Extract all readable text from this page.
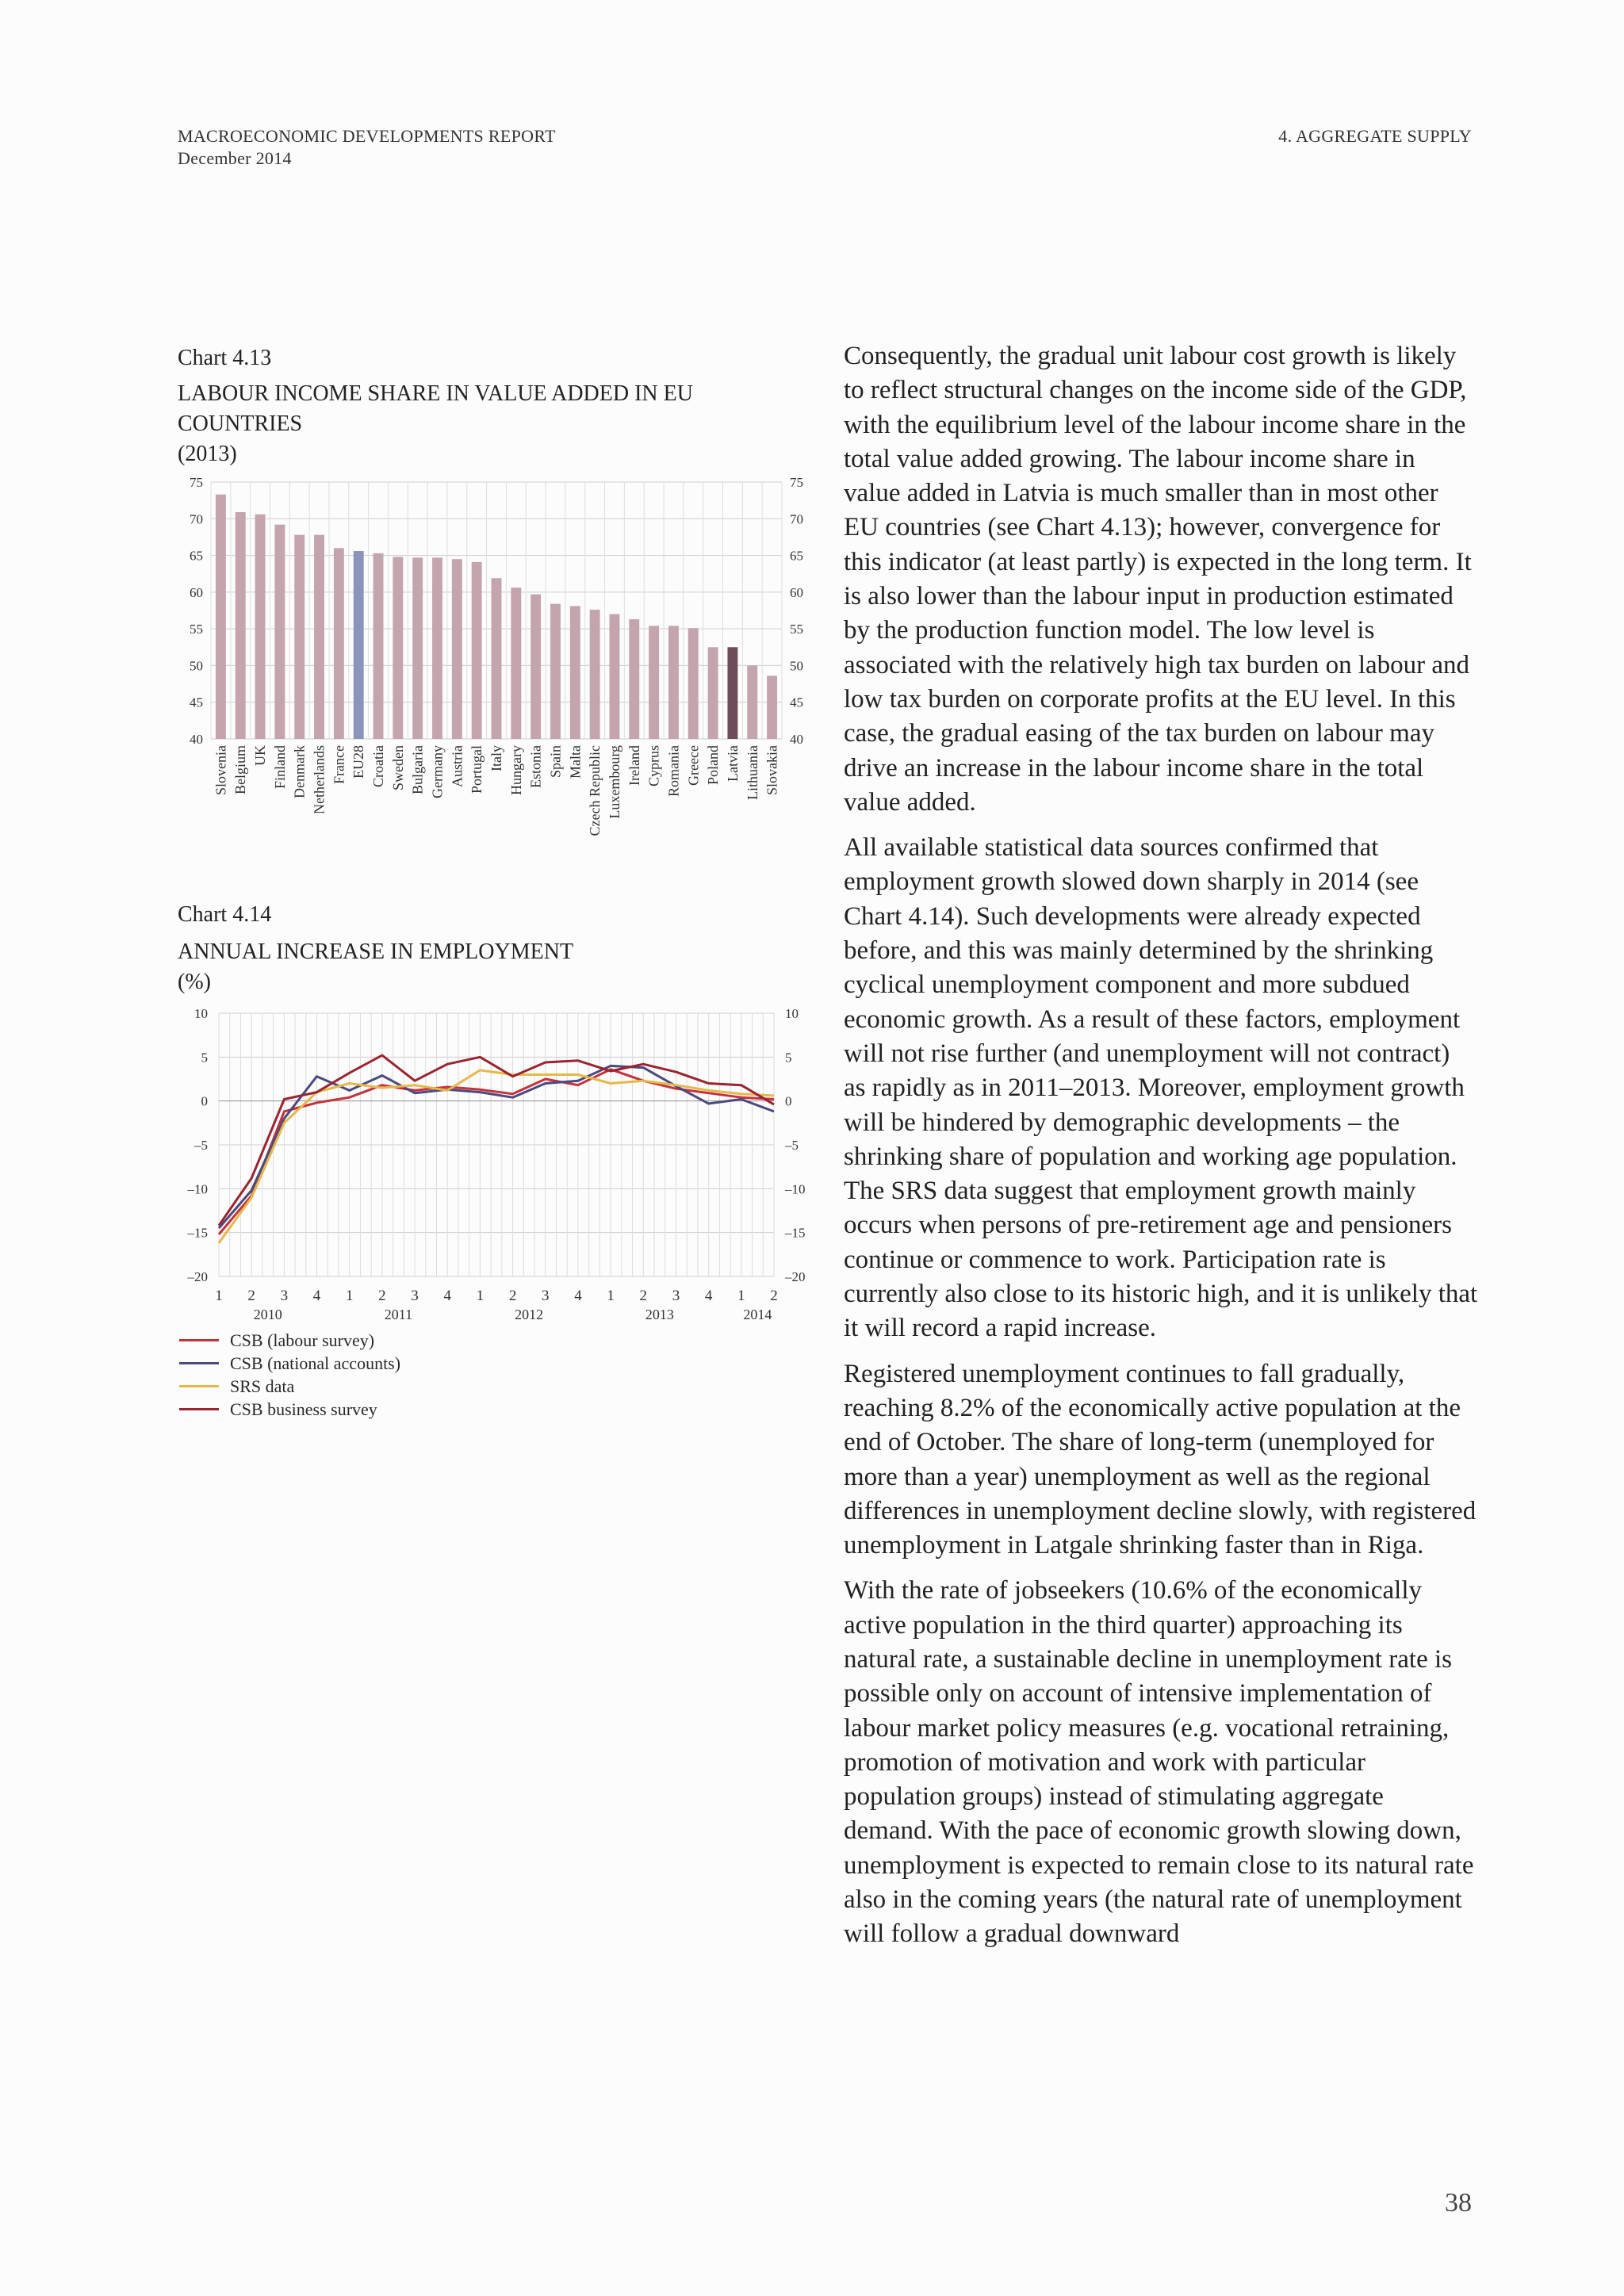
MACROECONOMIC DEVELOPMENTS REPORT
December 2014
4. AGGREGATE SUPPLY
Chart 4.13
LABOUR INCOME SHARE IN VALUE ADDED IN EU COUNTRIES
(2013)
40	40
45	45
50	50
55	55
60	60
65	65
70	70
75	75
Slovenia Belgium UK Finland Denmark Netherlands France EU28 Croatia Sweden Bulgaria Germany Austria Portugal Italy Hungary Estonia Spain Malta Czech Republic Luxembourg Ireland Cyprus Romania Greece Poland Latvia Lithuania Slovakia
Chart 4.14
ANNUAL INCREASE IN EMPLOYMENT
(%)
10	10
5	5
0	0
–5	–5
–10	–10
–15	–15
–20	–20
1 2 3 4 1 2 3 4 1 2 3 4 1 2 3 4 1 2
2010	2011	2012	2013	2014
CSB (labour survey)
CSB (national accounts)
SRS data
CSB business survey

Consequently, the gradual unit labour cost growth is likely to reflect structural changes on the income side of the GDP, with the equilibrium level of the labour income share in the total value added growing. The labour income share in value added in Latvia is much smaller than in most other EU countries (see Chart 4.13); however, convergence for this indicator (at least partly) is expected in the long term. It is also lower than the labour input in production estimated by the production function model. The low level is associated with the relatively high tax burden on labour and low tax burden on corporate profits at the EU level. In this case, the gradual easing of the tax burden on labour may drive an increase in the labour income share in the total value added.

All available statistical data sources confirmed that employment growth slowed down sharply in 2014 (see Chart 4.14). Such developments were already expected before, and this was mainly determined by the shrinking cyclical unemployment component and more subdued economic growth. As a result of these factors, employment will not rise further (and unemployment will not contract) as rapidly as in 2011–2013. Moreover, employment growth will be hindered by demographic developments – the shrinking share of population and working age population. The SRS data suggest that employment growth mainly occurs when persons of pre-retirement age and pensioners continue or commence to work. Participation rate is currently also close to its historic high, and it is unlikely that it will record a rapid increase.

Registered unemployment continues to fall gradually, reaching 8.2% of the economically active population at the end of October. The share of long-term (unemployed for more than a year) unemployment as well as the regional differences in unemployment decline slowly, with registered unemployment in Latgale shrinking faster than in Riga.

With the rate of jobseekers (10.6% of the economically active population in the third quarter) approaching its natural rate, a sustainable decline in unemployment rate is possible only on account of intensive implementation of labour market policy measures (e.g. vocational retraining, promotion of motivation and work with particular population groups) instead of stimulating aggregate demand. With the pace of economic growth slowing down, unemployment is expected to remain close to its natural rate also in the coming years (the natural rate of unemployment will follow a gradual downward

38
